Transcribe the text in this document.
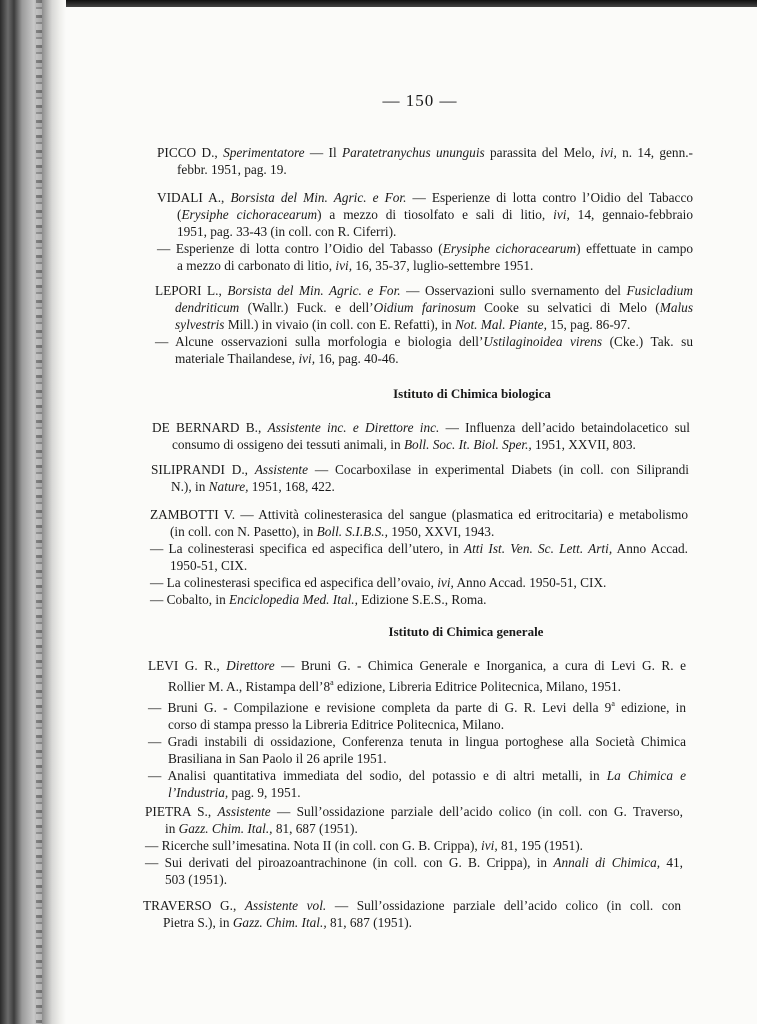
— 150 —
Istituto di Chimica biologica
Istituto di Chimica generale
PICCO D., Sperimentatore — Il Paratetranychus ununguis parassita del Melo, ivi, n. 14, genn.-
febbr. 1951, pag. 19.
VIDALI A., Borsista del Min. Agric. e For. — Esperienze di lotta contro l’Oidio del Tabacco
(Erysiphe cichoracearum) a mezzo di tiosolfato e sali di litio, ivi, 14, gennaio-febbraio
1951, pag. 33-43 (in coll. con R. Ciferri).
— Esperienze di lotta contro l’Oidio del Tabasso (Erysiphe cichoracearum) effettuate in campo
a mezzo di carbonato di litio, ivi, 16, 35-37, luglio-settembre 1951.
LEPORI L., Borsista del Min. Agric. e For. — Osservazioni sullo svernamento del Fusicladium
dendriticum (Wallr.) Fuck. e dell’Oidium farinosum Cooke su selvatici di Melo (Malus
sylvestris Mill.) in vivaio (in coll. con E. Refatti), in Not. Mal. Piante, 15, pag. 86-97.
— Alcune osservazioni sulla morfologia e biologia dell’Ustilaginoidea virens (Cke.) Tak. su
materiale Thailandese, ivi, 16, pag. 40-46.
DE BERNARD B., Assistente inc. e Direttore inc. — Influenza dell’acido betaindolacetico sul
consumo di ossigeno dei tessuti animali, in Boll. Soc. It. Biol. Sper., 1951, XXVII, 803.
SILIPRANDI D., Assistente — Cocarboxilase in experimental Diabets (in coll. con Siliprandi
N.), in Nature, 1951, 168, 422.
ZAMBOTTI V. — Attività colinesterasica del sangue (plasmatica ed eritrocitaria) e metabolismo
(in coll. con N. Pasetto), in Boll. S.I.B.S., 1950, XXVI, 1943.
— La colinesterasi specifica ed aspecifica dell’utero, in Atti Ist. Ven. Sc. Lett. Arti, Anno Accad.
1950-51, CIX.
— La colinesterasi specifica ed aspecifica dell’ovaio, ivi, Anno Accad. 1950-51, CIX.
— Cobalto, in Enciclopedia Med. Ital., Edizione S.E.S., Roma.
LEVI G. R., Direttore — Bruni G. - Chimica Generale e Inorganica, a cura di Levi G. R. e
Rollier M. A., Ristampa dell’8$^a$ edizione, Libreria Editrice Politecnica, Milano, 1951.
— Bruni G. - Compilazione e revisione completa da parte di G. R. Levi della 9$^a$ edizione, in
corso di stampa presso la Libreria Editrice Politecnica, Milano.
— Gradi instabili di ossidazione, Conferenza tenuta in lingua portoghese alla Società Chimica
Brasiliana in San Paolo il 26 aprile 1951.
— Analisi quantitativa immediata del sodio, del potassio e di altri metalli, in La Chimica e
l’Industria, pag. 9, 1951.
PIETRA S., Assistente — Sull’ossidazione parziale dell’acido colico (in coll. con G. Traverso,
in Gazz. Chim. Ital., 81, 687 (1951).
— Ricerche sull’imesatina. Nota II (in coll. con G. B. Crippa), ivi, 81, 195 (1951).
— Sui derivati del piroazoantrachinone (in coll. con G. B. Crippa), in Annali di Chimica, 41,
503 (1951).
TRAVERSO G., Assistente vol. — Sull’ossidazione parziale dell’acido colico (in coll. con
Pietra S.), in Gazz. Chim. Ital., 81, 687 (1951).
